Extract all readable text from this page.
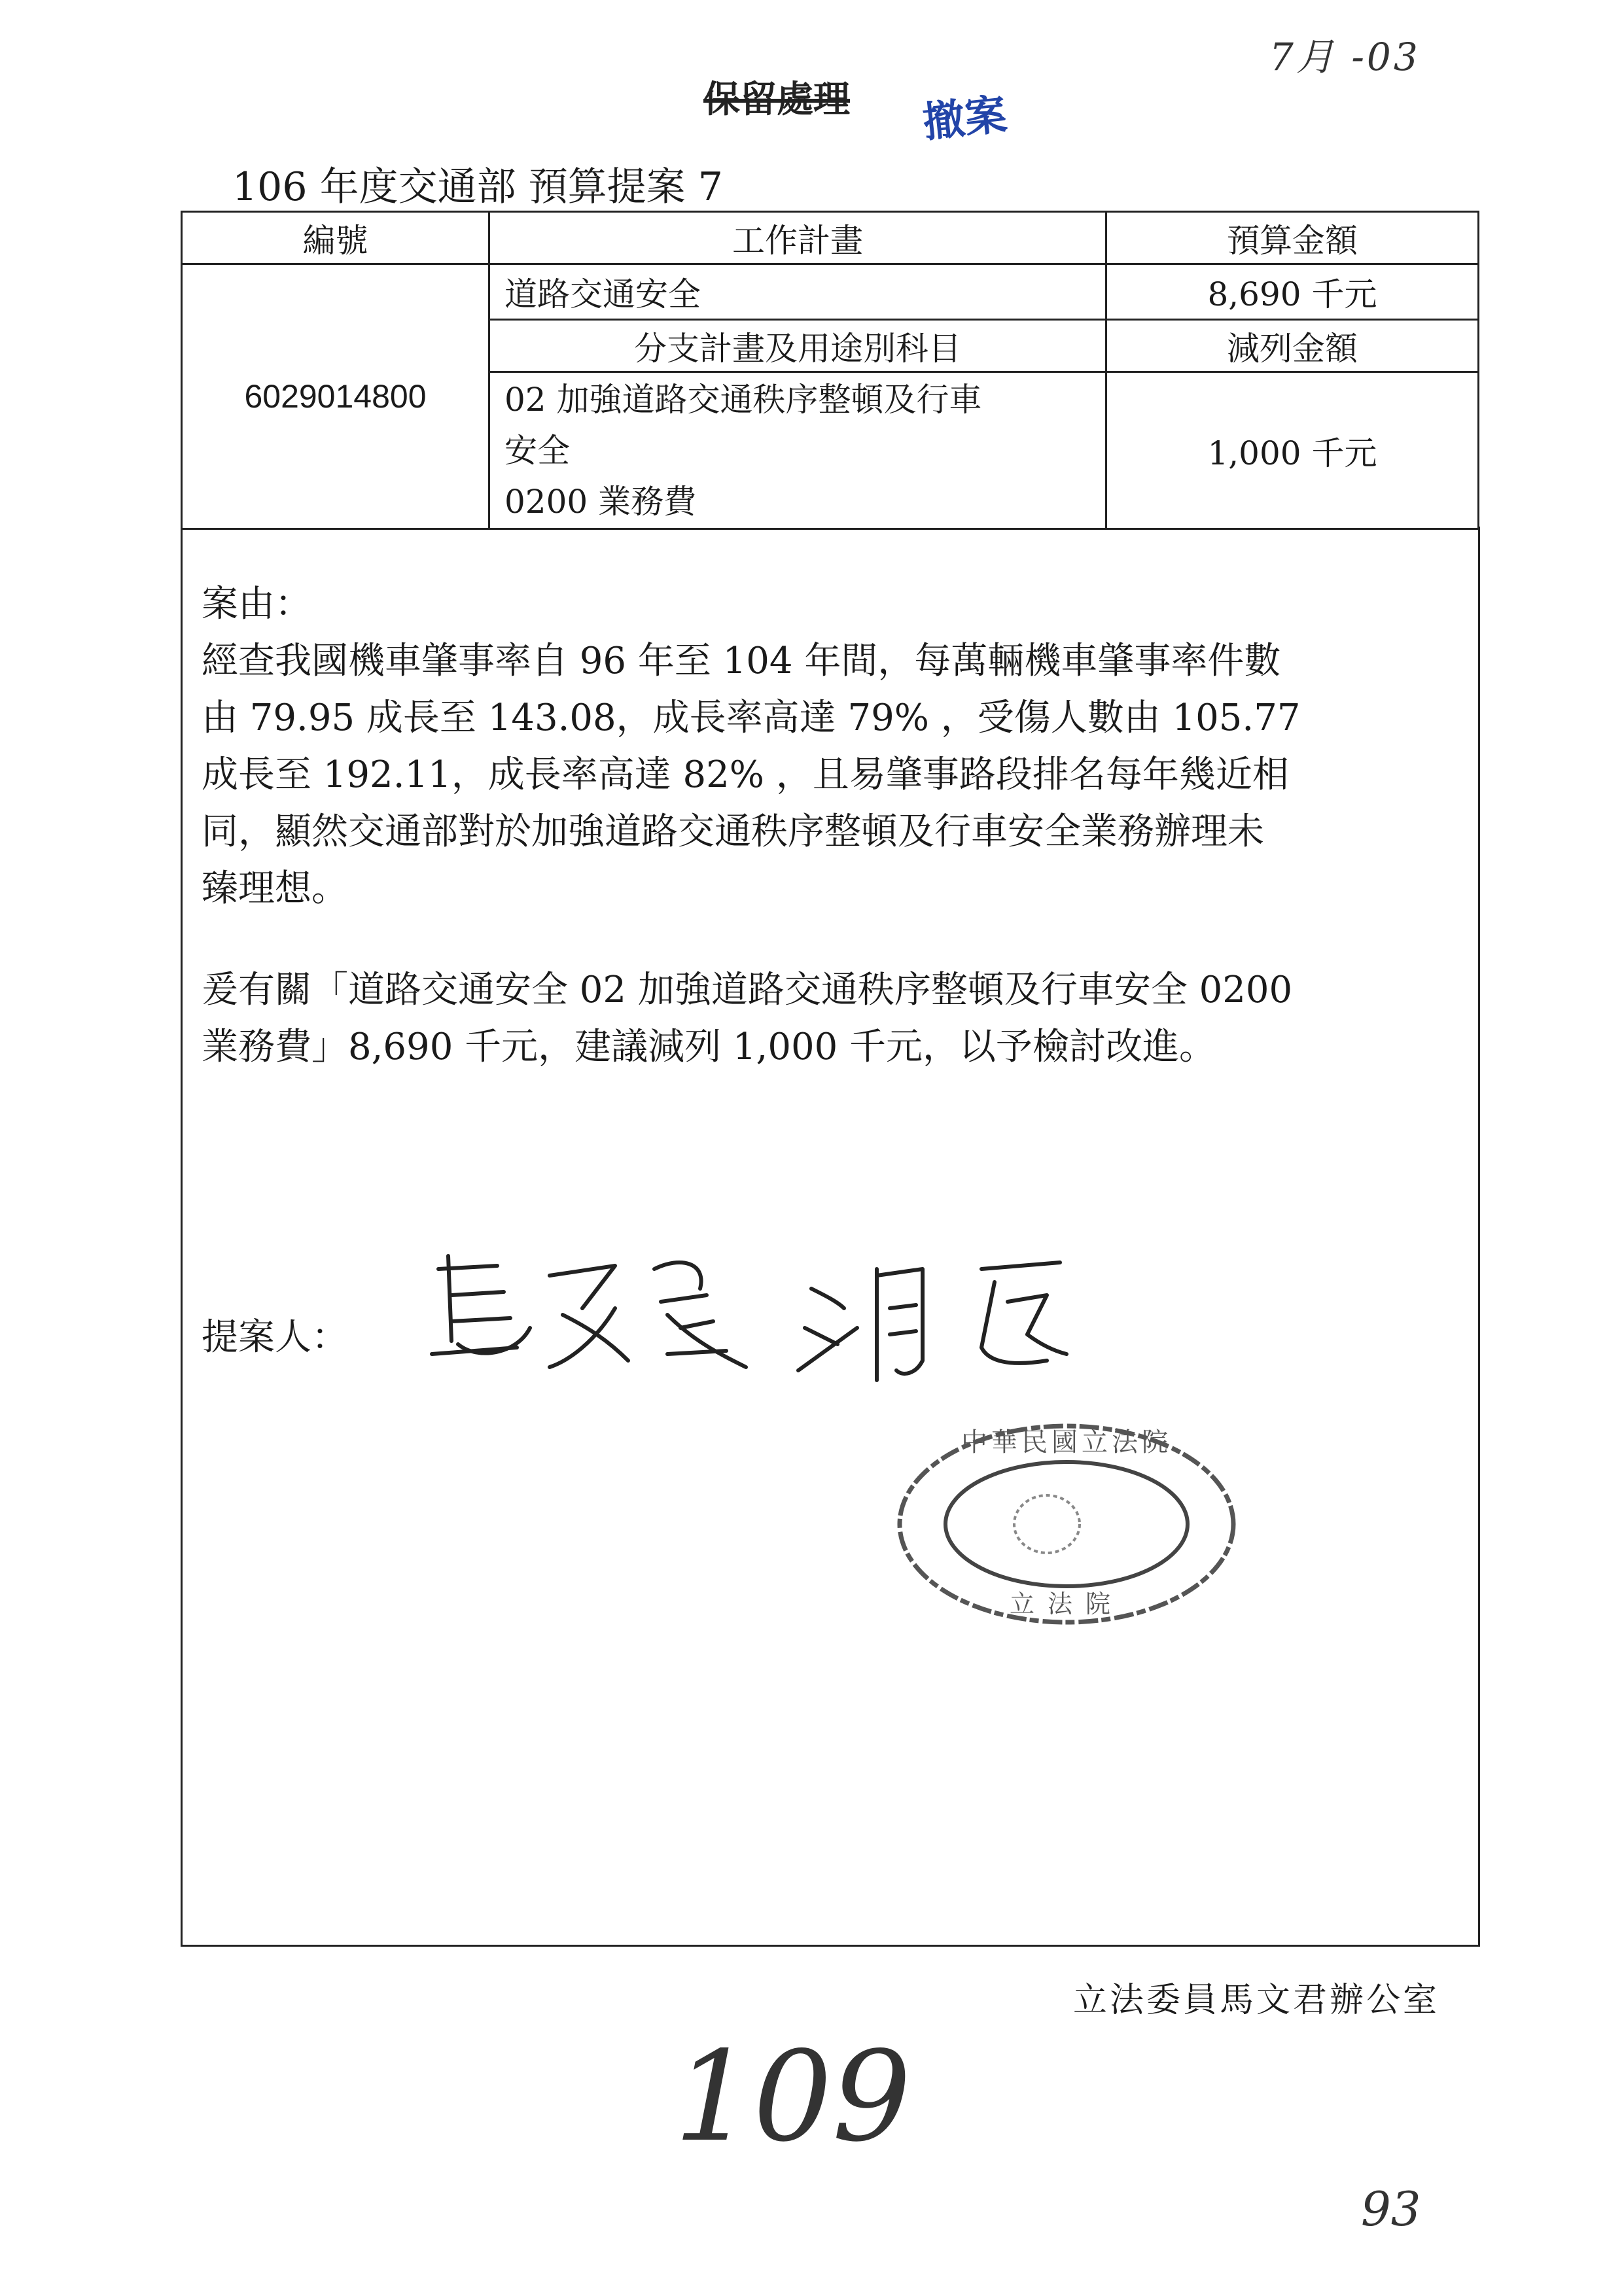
7月 -03
保留處理 撤案
106 年度交通部 預算提案 7
編號	工作計畫	預算金額
6029014800	道路交通安全	8,690 千元
	分支計畫及用途別科目	減列金額

	02 加強道路交通秩序整頓及行車
安全
0200 業務費	1,000 千元

案由：

經查我國機車肇事率自 96 年至 104 年間，每萬輛機車肇事率件數

由 79.95 成長至 143.08，成長率高達 79% ，受傷人數由 105.77

成長至 192.11，成長率高達 82% ，且易肇事路段排名每年幾近相

同，顯然交通部對於加強道路交通秩序整頓及行車安全業務辦理未

臻理想。

爰有關「道路交通安全 02 加強道路交通秩序整頓及行車安全 0200

業務費」8,690 千元，建議減列 1,000 千元，以予檢討改進。

提案人：
中華民國立法院
立法院
立法委員馬文君辦公室
109
93
